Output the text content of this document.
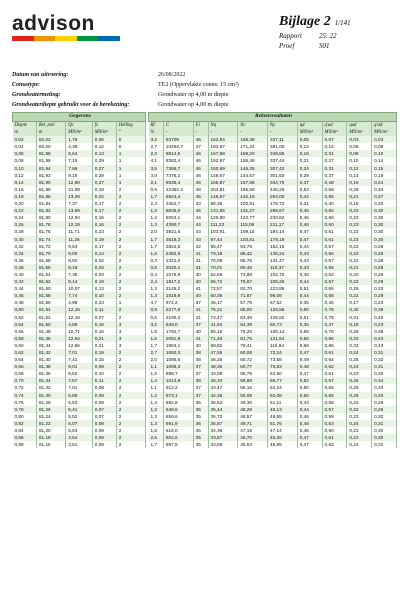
advison	Bijlage 2 1/141
Rapport	25. 22
Proef	S01
Datum van uitvoering:	26/08/2022
Conustype:	TE2 (Oppervlakte conus: 15 cm²)
Grondwatermeting:	Grondwater op 4,00 m diepte
Grondwaterdiepte gebruikt voor de berekening:	Grondwater op 4,00 m diepte
Gegevens				
Diepte	Rel. peil	Qc	fs	Helling
m	m	MN/m²	MN/m²	°
0,02	82,02	1,79	0,06	0
0,04	82,00	4,39	0,12	0
0,06	81,98	5,64	0,13	1
0,08	81,96	7,15	0,29	1
0,10	81,94	7,86	0,27	1
0,12	81,92	9,18	0,29	1
0,14	81,90	12,90	0,27	1
0,16	81,88	21,08	0,19	2
0,18	81,86	13,29	0,22	2
0,20	81,84	7,37	0,17	2
0,22	81,82	13,69	0,17	2
0,24	81,80	12,94	0,16	2
0,26	81,78	12,19	0,16	2
0,28	81,76	11,71	0,23	2
0,30	81,74	11,26	0,19	2
0,32	81,72	9,63	0,17	2
0,34	81,70	9,00	0,14	2
0,36	81,68	8,92	0,02	2
0,38	81,66	8,19	0,04	2
0,40	81,64	7,35	0,03	2
0,42	81,62	8,14	0,19	2
0,44	81,60	10,07	0,13	2
0,46	81,58	7,74	0,10	2
0,48	81,56	4,98	0,23	1
0,50	81,54	12,15	0,11	2
0,52	81,52	12,15	0,07	2
0,54	81,50	4,89	0,16	3
0,56	81,48	10,71	0,16	3
0,58	81,46	12,94	0,21	3
0,60	81,44	12,56	0,21	3
0,62	81,42	7,01	0,19	2
0,64	81,40	7,41	0,15	2
0,66	81,38	8,01	0,09	2
0,68	81,36	6,52	0,10	2
0,70	81,34	7,57	0,11	2
0,72	81,32	7,01	0,08	2
0,74	81,30	6,89	0,08	2
0,76	81,28	5,53	0,08	2
0,78	81,26	5,41	0,07	2
0,80	81,24	5,52	0,07	2
0,82	81,22	6,07	0,08	2
0,84	81,20	5,53	0,09	2
0,86	81,18	3,54	0,09	2
0,88	81,16	3,61	0,09	2
Rekenresultaten									
Rf	C	Fi	Nq	Nc	Ny	qd	q'ad	qad	q'ad
%	-	-	-	-	-	MN/m²	MN/m²	MN/m²	MN/m²
3,2	83709	46	162,84	155,39	337,11	0,05	0,07	0,03	0,03
2,7	10294,7	47	183,97	171,24	391,00	0,12	0,15	0,06	0,08
2,3	8814,5	46	167,88	159,20	349,85	0,16	0,21	0,08	0,10
4,1	8382,4	46	162,97	155,49	337,44	0,21	0,27	0,10	0,14
3,5	7365,7	46	160,99	146,35	307,42	0,24	0,31	0,12	0,16
3,0	7376,2	46	148,67	144,57	301,60	0,29	0,37	0,14	0,19
2,1	8636,4	46	165,87	157,68	344,76	0,37	0,48	0,19	0,24
0,9	12352,4	48	204,81	186,58	445,26	0,52	0,68	0,26	0,34
1,7	6924,4	45	145,57	142,19	294,00	0,42	0,55	0,21	0,27
2,3	3452,7	43	96,36	102,91	176,72	0,31	0,40	0,15	0,20
1,2	5835,0	45	131,55	131,27	259,67	0,46	0,60	0,23	0,30
1,2	5053,1	44	120,80	122,77	233,82	0,46	0,60	0,23	0,30
1,3	4390,7	44	111,23	115,09	211,17	0,46	0,60	0,23	0,30
2,0	3921,6	43	103,91	109,15	194,14	0,47	0,61	0,23	0,30
1,7	3518,3	43	97,44	103,81	179,19	0,47	0,61	0,23	0,30
1,7	2822,5	42	85,47	93,78	152,15	0,44	0,57	0,22	0,28
1,6	2482,8	41	79,18	88,42	138,24	0,43	0,56	0,22	0,28
0,3	2322,0	41	76,08	85,75	131,47	0,44	0,57	0,22	0,28
0,5	2020,1	41	70,01	80,46	118,37	0,43	0,55	0,21	0,28
0,4	1676,9	40	62,59	73,88	102,70	0,40	0,52	0,20	0,26
2,4	1817,2	40	65,72	76,67	109,26	0,44	0,57	0,22	0,29
1,3	2145,2	41	72,57	82,70	123,86	0,51	0,66	0,26	0,33
1,3	1518,9	40	60,36	71,87	98,06	0,44	0,58	0,22	0,29
4,7	972,2	37	45,17	57,79	67,52	0,35	0,45	0,17	0,23
0,9	2277,8	41	75,21	85,00	129,56	0,60	0,78	0,30	0,39
0,6	2190,2	41	73,47	83,49	125,82	0,61	0,79	0,31	0,40
3,2	849,0	37	41,64	54,39	60,73	0,36	0,47	0,18	0,23
1,5	1792,7	40	65,19	76,20	108,14	0,58	0,76	0,29	0,38
1,6	2091,9	41	71,48	81,75	121,54	0,66	0,86	0,33	0,43
1,7	1963,1	40	68,82	79,41	115,84	0,66	0,86	0,33	0,43
2,7	1060,3	38	47,59	60,08	72,24	0,47	0,61	0,24	0,31
2,0	1085,6	38	48,26	60,72	73,58	0,49	0,64	0,25	0,32
1,1	1095,3	37	48,36	60,77	73,83	0,48	0,62	0,24	0,31
1,5	898,7	37	43,09	55,79	63,50	0,47	0,61	0,23	0,30
1,4	1013,9	38	46,33	58,89	69,77	0,52	0,67	0,26	0,34
1,1	912,2	37	43,47	56,16	64,24	0,50	0,65	0,25	0,33
1,2	873,1	37	42,35	55,08	62,08	0,50	0,65	0,25	0,33
1,4	682,8	36	36,52	49,36	51,11	0,44	0,58	0,22	0,29
1,2	649,6	35	35,44	48,28	49,13	0,44	0,57	0,22	0,29
1,3	659,6	35	35,72	48,57	49,65	0,46	0,59	0,23	0,30
1,3	691,9	36	36,87	49,71	51,76	0,48	0,63	0,24	0,31
1,6	616,0	35	34,35	47,19	47,14	0,46	0,60	0,23	0,30
2,5	602,6	35	33,87	46,70	46,26	0,47	0,61	0,23	0,30
1,7	597,5	35	33,69	46,53	45,95	0,47	0,62	0,24	0,31
